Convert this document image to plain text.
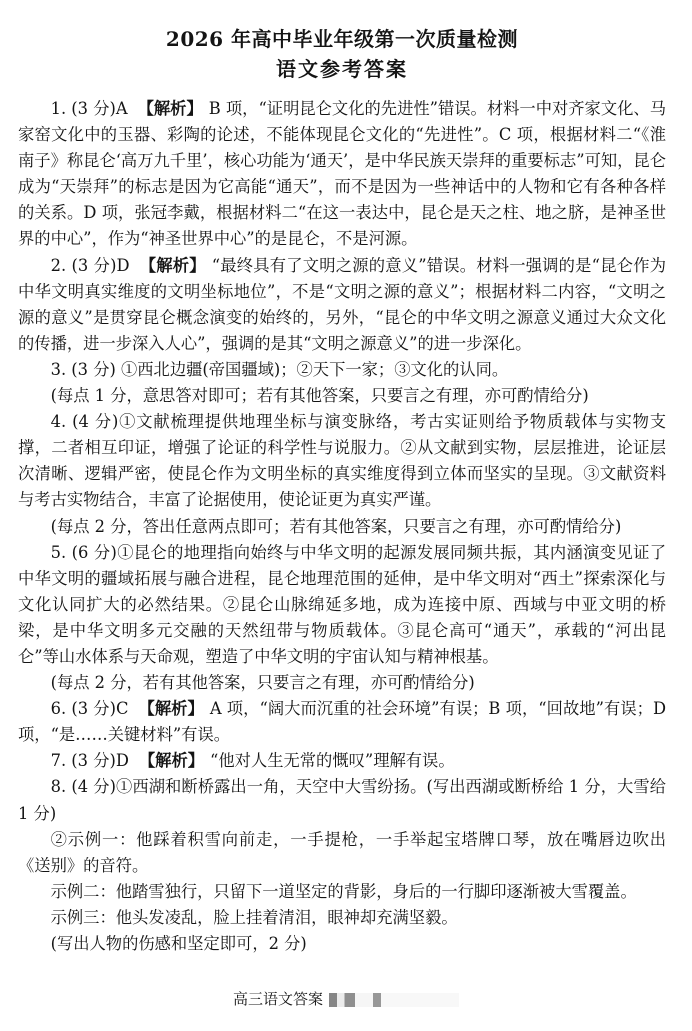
2026 年高中毕业年级第一次质量检测
语文参考答案

1. (3 分)A 【解析】 B 项，“证明昆仑文化的先进性”错误。材料一中对齐家文化、马家窑文化中的玉器、彩陶的论述，不能体现昆仑文化的“先进性”。C 项，根据材料二“《淮南子》称昆仑‘高万九千里’，核心功能为‘通天’，是中华民族天崇拜的重要标志”可知，昆仑成为“天崇拜”的标志是因为它高能“通天”，而不是因为一些神话中的人物和它有各种各样的关系。D 项，张冠李戴，根据材料二“在这一表达中，昆仑是天之柱、地之脐，是神圣世界的中心”，作为“神圣世界中心”的是昆仑，不是河源。

2. (3 分)D 【解析】 “最终具有了文明之源的意义”错误。材料一强调的是“昆仑作为中华文明真实维度的文明坐标地位”，不是“文明之源的意义”；根据材料二内容，“文明之源的意义”是贯穿昆仑概念演变的始终的，另外，“昆仑的中华文明之源意义通过大众文化的传播，进一步深入人心”，强调的是其“文明之源意义”的进一步深化。

3. (3 分) ①西北边疆(帝国疆域)；②天下一家；③文化的认同。

(每点 1 分，意思答对即可；若有其他答案，只要言之有理，亦可酌情给分)

4. (4 分)①文献梳理提供地理坐标与演变脉络，考古实证则给予物质载体与实物支撑，二者相互印证，增强了论证的科学性与说服力。②从文献到实物，层层推进，论证层次清晰、逻辑严密，使昆仑作为文明坐标的真实维度得到立体而坚实的呈现。③文献资料与考古实物结合，丰富了论据使用，使论证更为真实严谨。

(每点 2 分，答出任意两点即可；若有其他答案，只要言之有理，亦可酌情给分)

5. (6 分)①昆仑的地理指向始终与中华文明的起源发展同频共振，其内涵演变见证了中华文明的疆域拓展与融合进程，昆仑地理范围的延伸，是中华文明对“西土”探索深化与文化认同扩大的必然结果。②昆仑山脉绵延多地，成为连接中原、西域与中亚文明的桥梁，是中华文明多元交融的天然纽带与物质载体。③昆仑高可“通天”，承载的“河出昆仑”等山水体系与天命观，塑造了中华文明的宇宙认知与精神根基。

(每点 2 分，若有其他答案，只要言之有理，亦可酌情给分)

6. (3 分)C 【解析】 A 项，“阔大而沉重的社会环境”有误；B 项，“回故地”有误；D 项，“是……关键材料”有误。

7. (3 分)D 【解析】 “他对人生无常的慨叹”理解有误。

8. (4 分)①西湖和断桥露出一角，天空中大雪纷扬。(写出西湖或断桥给 1 分，大雪给 1 分)

②示例一：他踩着积雪向前走，一手提枪，一手举起宝塔牌口琴，放在嘴唇边吹出《送别》的音符。

示例二：他踏雪独行，只留下一道坚定的背影，身后的一行脚印逐渐被大雪覆盖。

示例三：他头发凌乱，脸上挂着清泪，眼神却充满坚毅。

(写出人物的伤感和坚定即可，2 分)

高三语文答案
